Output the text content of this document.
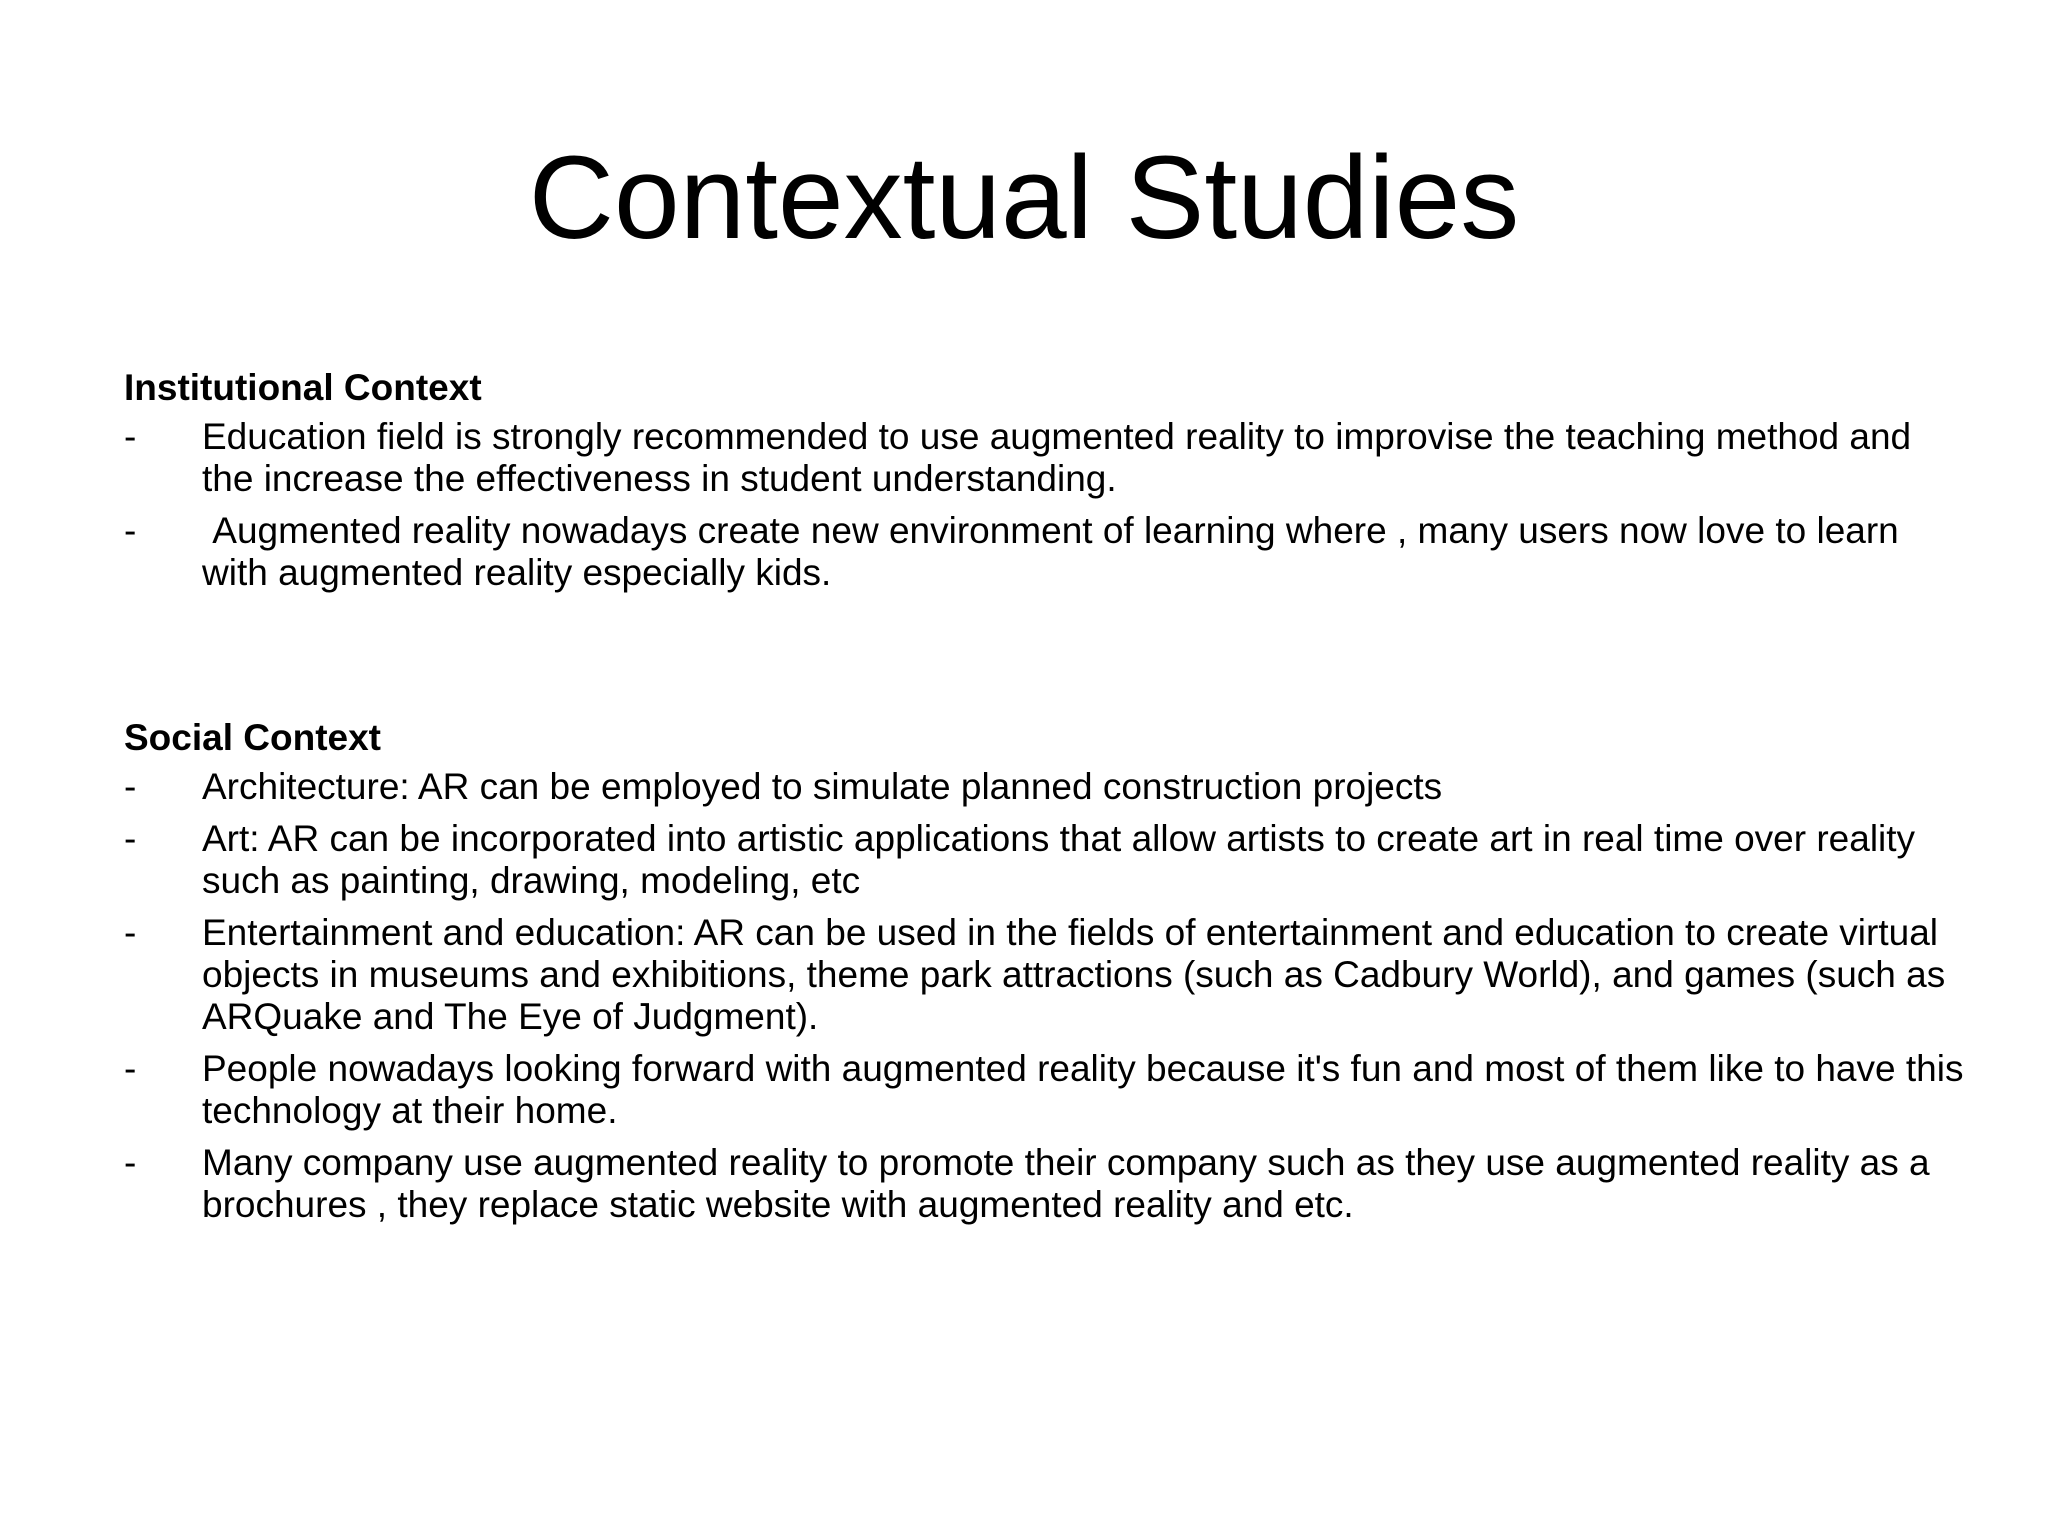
Contextual Studies

Institutional Context

- Education field is strongly recommended to use augmented reality to improvise the teaching method and the increase the effectiveness in student understanding.
- Augmented reality nowadays create new environment of learning where , many users now love to learn with augmented reality especially kids.

Social Context

- Architecture: AR can be employed to simulate planned construction projects
- Art: AR can be incorporated into artistic applications that allow artists to create art in real time over reality such as painting, drawing, modeling, etc
- Entertainment and education: AR can be used in the fields of entertainment and education to create virtual objects in museums and exhibitions, theme park attractions (such as Cadbury World), and games (such as ARQuake and The Eye of Judgment).
- People nowadays looking forward with augmented reality because it's fun and most of them like to have this technology at their home.
- Many company use augmented reality to promote their company such as they use augmented reality as a brochures , they replace static website with augmented reality and etc.
